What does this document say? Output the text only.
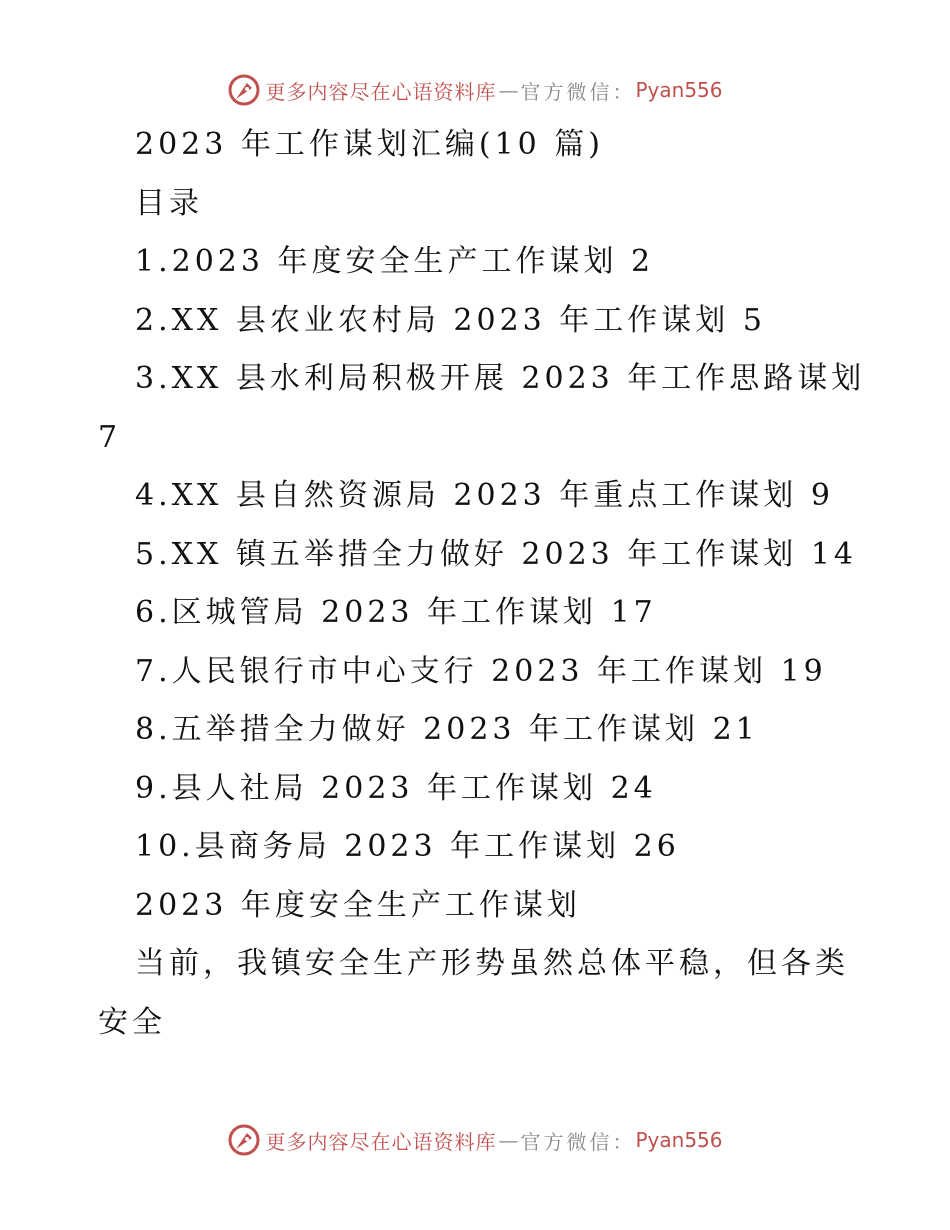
更多内容尽在心语资料库 — 官方微信： Pyan556
2023 年工作谋划汇编(10 篇)
目录
1.2023 年度安全生产工作谋划 2
2.XX 县农业农村局 2023 年工作谋划 5
3.XX 县水利局积极开展 2023 年工作思路谋划
7
4.XX 县自然资源局 2023 年重点工作谋划 9
5.XX 镇五举措全力做好 2023 年工作谋划 14
6.区城管局 2023 年工作谋划 17
7.人民银行市中心支行 2023 年工作谋划 19
8.五举措全力做好 2023 年工作谋划 21
9.县人社局 2023 年工作谋划 24
10.县商务局 2023 年工作谋划 26
2023 年度安全生产工作谋划
当前，我镇安全生产形势虽然总体平稳，但各类
安全
更多内容尽在心语资料库 — 官方微信： Pyan556
